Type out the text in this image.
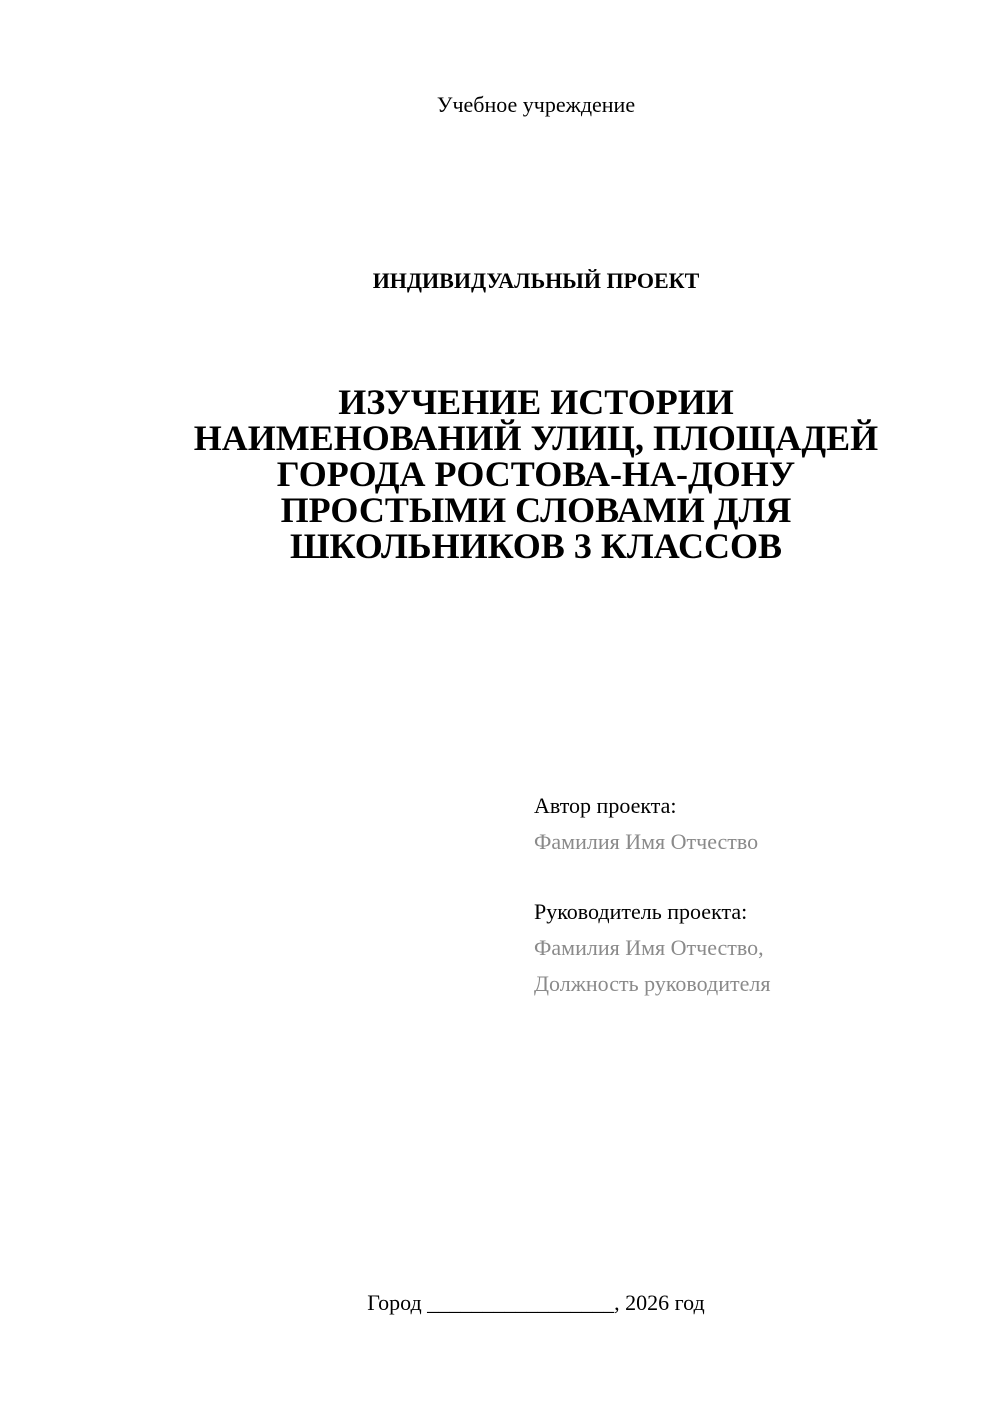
Учебное учреждение
ИНДИВИДУАЛЬНЫЙ ПРОЕКТ
ИЗУЧЕНИЕ ИСТОРИИ
НАИМЕНОВАНИЙ УЛИЦ, ПЛОЩАДЕЙ
ГОРОДА РОСТОВА-НА-ДОНУ
ПРОСТЫМИ СЛОВАМИ ДЛЯ
ШКОЛЬНИКОВ 3 КЛАССОВ
Автор проекта:
Фамилия Имя Отчество
Руководитель проекта:
Фамилия Имя Отчество,
Должность руководителя
Город _________________, 2026 год
